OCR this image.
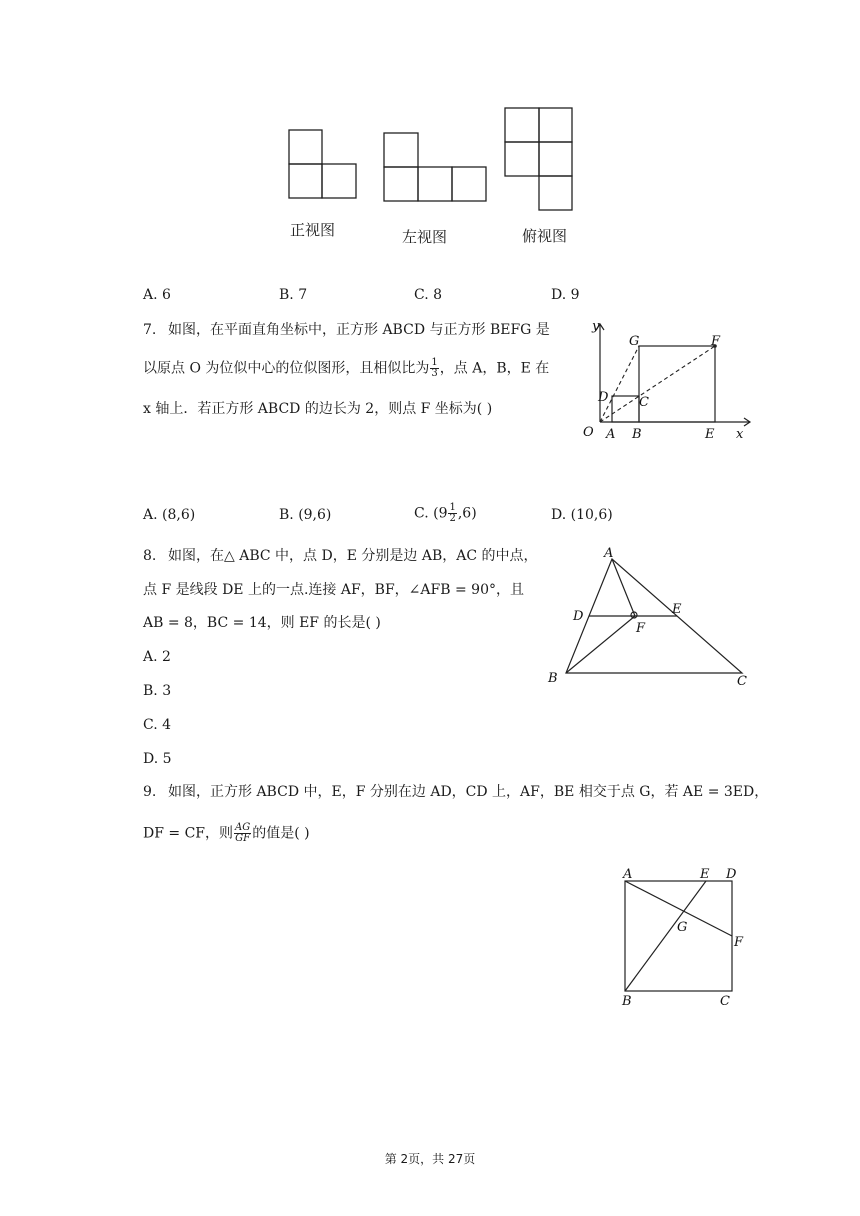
正视图	左视图	俯视图
A. 6	B. 7	C. 8	D. 9
7. 如图，在平面直角坐标中，正方形 ABCD 与正方形 BEFG 是
以原点 O 为位似中心的位似图形，且相似比为 $\frac{1}{3}$ ，点 A，B，E 在
x 轴上．若正方形 ABCD 的边长为 2，则点 F 坐标为( )
y
x
O A B
C
D
E
F
G
A. (8,6)	B. (9,6)	C. $(9 \frac{1}{2} ,6)$	D. (10,6)
8. 如图，在△ ABC 中，点 D，E 分别是边 AB，AC 的中点，
点 F 是线段 DE 上的一点.连接 AF，BF，∠AFB = 90°，且
AB = 8，BC = 14，则 EF 的长是( )
A. 2
B. 3
C. 4
D. 5
A
B	C
D	E
F
9. 如图，正方形 ABCD 中，E，F 分别在边 AD，CD 上，AF，BE 相交于点 G，若 AE = 3ED，
DF = CF，则 $\frac{AG}{GF}$ 的值是( )
A	E D
F
G
B	C
第 2页，共 27页
